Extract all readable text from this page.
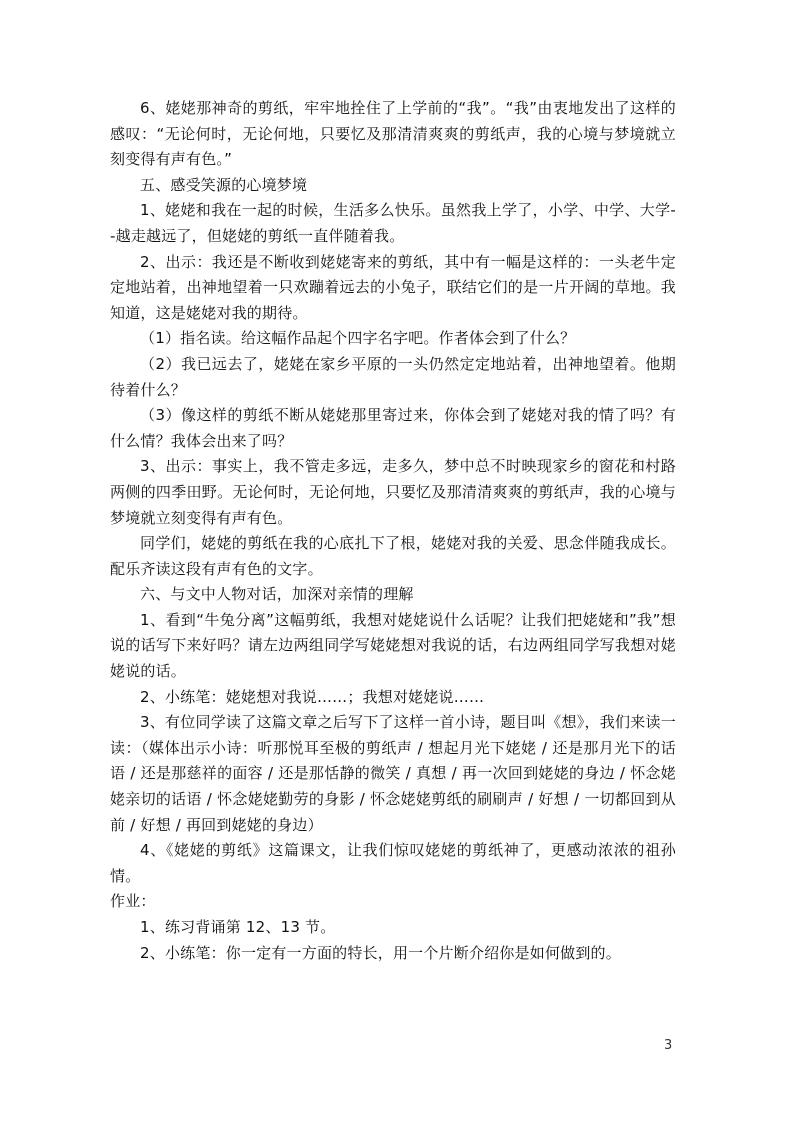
6、姥姥那神奇的剪纸，牢牢地拴住了上学前的“我”。“我”由衷地发出了这样的感叹：“无论何时，无论何地，只要忆及那清清爽爽的剪纸声，我的心境与梦境就立刻变得有声有色。”

五、感受笑源的心境梦境

1、姥姥和我在一起的时候，生活多么快乐。虽然我上学了，小学、中学、大学--越走越远了，但姥姥的剪纸一直伴随着我。

2、出示：我还是不断收到姥姥寄来的剪纸，其中有一幅是这样的：一头老牛定定地站着，出神地望着一只欢蹦着远去的小兔子，联结它们的是一片开阔的草地。我知道，这是姥姥对我的期待。

（1）指名读。给这幅作品起个四字名字吧。作者体会到了什么？

（2）我已远去了，姥姥在家乡平原的一头仍然定定地站着，出神地望着。他期待着什么？

（3）像这样的剪纸不断从姥姥那里寄过来，你体会到了姥姥对我的情了吗？有什么情？我体会出来了吗？

3、出示：事实上，我不管走多远，走多久，梦中总不时映现家乡的窗花和村路两侧的四季田野。无论何时，无论何地，只要忆及那清清爽爽的剪纸声，我的心境与梦境就立刻变得有声有色。

同学们，姥姥的剪纸在我的心底扎下了根，姥姥对我的关爱、思念伴随我成长。配乐齐读这段有声有色的文字。

六、与文中人物对话，加深对亲情的理解

1、看到“牛兔分离”这幅剪纸，我想对姥姥说什么话呢？让我们把姥姥和”我”想说的话写下来好吗？请左边两组同学写姥姥想对我说的话，右边两组同学写我想对姥姥说的话。

2、小练笔：姥姥想对我说……；我想对姥姥说……

3、有位同学读了这篇文章之后写下了这样一首小诗，题目叫《想》，我们来读一读：（媒体出示小诗：听那悦耳至极的剪纸声 / 想起月光下姥姥 / 还是那月光下的话语 / 还是那慈祥的面容 / 还是那恬静的微笑 / 真想 / 再一次回到姥姥的身边 / 怀念姥姥亲切的话语 / 怀念姥姥勤劳的身影 / 怀念姥姥剪纸的刷刷声 / 好想 / 一切都回到从前 / 好想 / 再回到姥姥的身边）

4、《姥姥的剪纸》这篇课文，让我们惊叹姥姥的剪纸神了，更感动浓浓的祖孙情。

作业：

1、练习背诵第 12、13 节。

2、小练笔：你一定有一方面的特长，用一个片断介绍你是如何做到的。

3
